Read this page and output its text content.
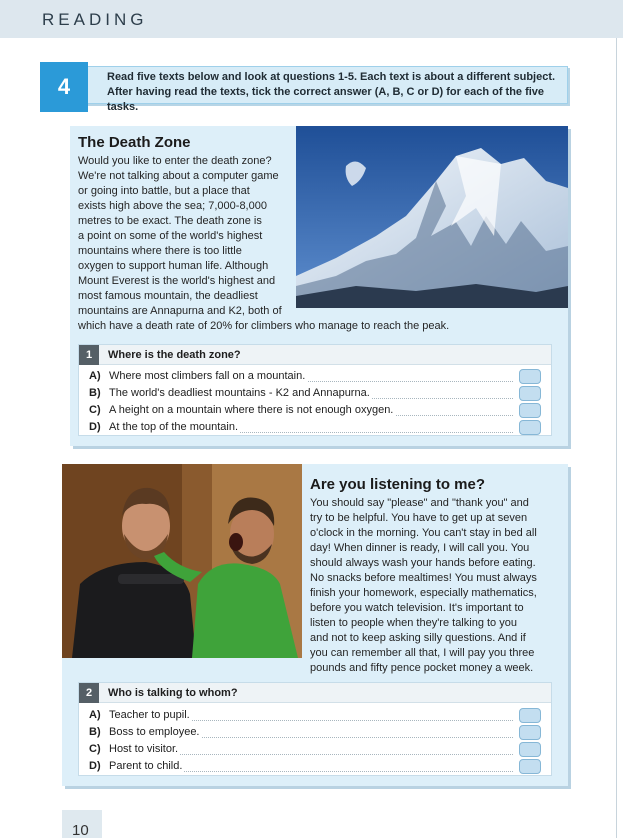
READING
Read five texts below and look at questions 1-5. Each text is about a different subject.
After having read the texts, tick the correct answer (A, B, C or D) for each of the five tasks.
4
The Death Zone
Would you like to enter the death zone?
We're not talking about a computer game
or going into battle, but a place that
exists high above the sea; 7,000-8,000
metres to be exact. The death zone is
a point on some of the world's highest
mountains where there is too little
oxygen to support human life. Although
Mount Everest is the world's highest and
most famous mountain, the deadliest
mountains are Annapurna and K2, both of
which have a death rate of 20% for climbers who manage to reach the peak.
1	Where is the death zone?
A) Where most climbers fall on a mountain.
B) The world's deadliest mountains - K2 and Annapurna.
C) A height on a mountain where there is not enough oxygen.
D) At the top of the mountain.
Are you listening to me?
You should say "please" and "thank you" and
try to be helpful. You have to get up at seven
o'clock in the morning. You can't stay in bed all
day! When dinner is ready, I will call you. You
should always wash your hands before eating.
No snacks before mealtimes! You must always
finish your homework, especially mathematics,
before you watch television. It's important to
listen to people when they're talking to you
and not to keep asking silly questions. And if
you can remember all that, I will pay you three
pounds and fifty pence pocket money a week.
2	Who is talking to whom?
A) Teacher to pupil.
B) Boss to employee.
C) Host to visitor.
D) Parent to child.
10
